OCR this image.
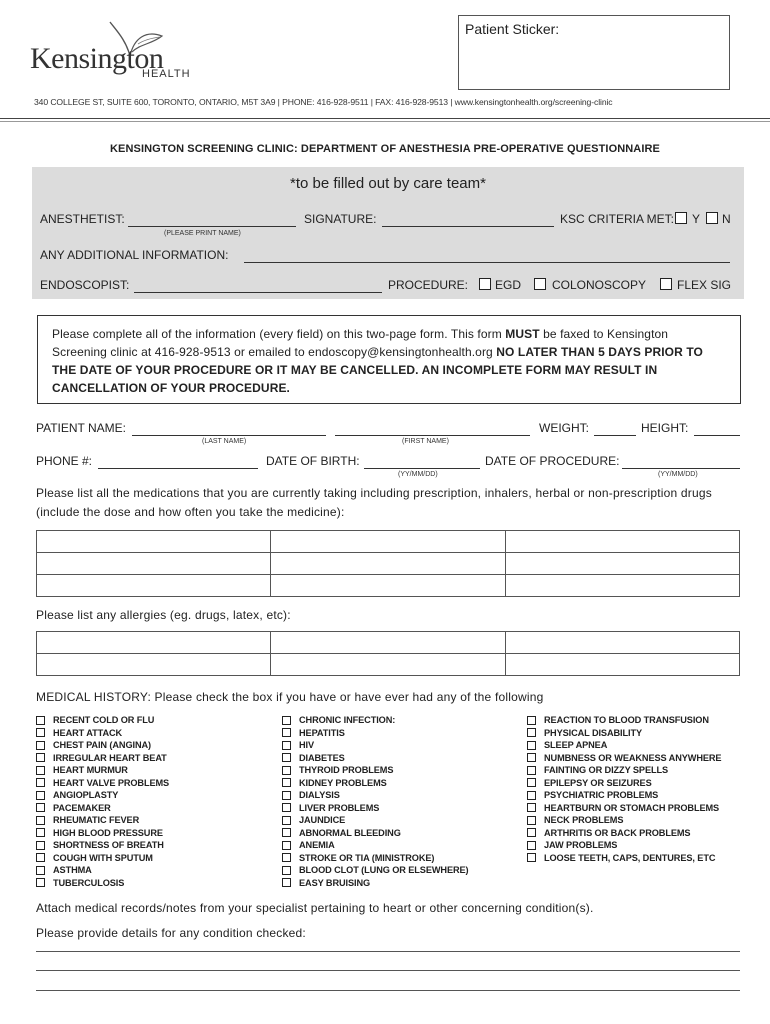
Kensington
HEALTH
Patient Sticker:
340 COLLEGE ST, SUITE 600, TORONTO, ONTARIO, M5T 3A9 | PHONE: 416-928-9511 | FAX: 416-928-9513 | www.kensingtonhealth.org/screening-clinic
KENSINGTON SCREENING CLINIC: DEPARTMENT OF ANESTHESIA PRE-OPERATIVE QUESTIONNAIRE
*to be filled out by care team*
ANESTHETIST:
(PLEASE PRINT NAME)
SIGNATURE:	KSC CRITERIA MET: Y N
ANY ADDITIONAL INFORMATION:
ENDOSCOPIST:	PROCEDURE: EGD	COLONOSCOPY	FLEX SIG
Please complete all of the information (every field) on this two-page form. This form MUST be faxed to Kensington Screening clinic at 416-928-9513 or emailed to endoscopy@kensingtonhealth.org NO LATER THAN 5 DAYS PRIOR TO THE DATE OF YOUR PROCEDURE OR IT MAY BE CANCELLED. AN INCOMPLETE FORM MAY RESULT IN CANCELLATION OF YOUR PROCEDURE.
PATIENT NAME:
(LAST NAME)	(FIRST NAME)
WEIGHT:	HEIGHT:
PHONE #:	DATE OF BIRTH:
(YY/MM/DD)
DATE OF PROCEDURE:
(YY/MM/DD)
Please list all the medications that you are currently taking including prescription, inhalers, herbal or non-prescription drugs (include the dose and how often you take the medicine):

Please list any allergies (eg. drugs, latex, etc):

MEDICAL HISTORY: Please check the box if you have or have ever had any of the following
RECENT COLD OR FLU
HEART ATTACK
CHEST PAIN (ANGINA)
IRREGULAR HEART BEAT
HEART MURMUR
HEART VALVE PROBLEMS
ANGIOPLASTY
PACEMAKER
RHEUMATIC FEVER
HIGH BLOOD PRESSURE
SHORTNESS OF BREATH
COUGH WITH SPUTUM
ASTHMA
TUBERCULOSIS
CHRONIC INFECTION:
HEPATITIS
HIV
DIABETES
THYROID PROBLEMS
KIDNEY PROBLEMS
DIALYSIS
LIVER PROBLEMS
JAUNDICE
ABNORMAL BLEEDING
ANEMIA
STROKE OR TIA (MINISTROKE)
BLOOD CLOT (LUNG OR ELSEWHERE)
EASY BRUISING
REACTION TO BLOOD TRANSFUSION
PHYSICAL DISABILITY
SLEEP APNEA
NUMBNESS OR WEAKNESS ANYWHERE
FAINTING OR DIZZY SPELLS
EPILEPSY OR SEIZURES
PSYCHIATRIC PROBLEMS
HEARTBURN OR STOMACH PROBLEMS
NECK PROBLEMS
ARTHRITIS OR BACK PROBLEMS
JAW PROBLEMS
LOOSE TEETH, CAPS, DENTURES, ETC
Attach medical records/notes from your specialist pertaining to heart or other concerning condition(s).
Please provide details for any condition checked:
